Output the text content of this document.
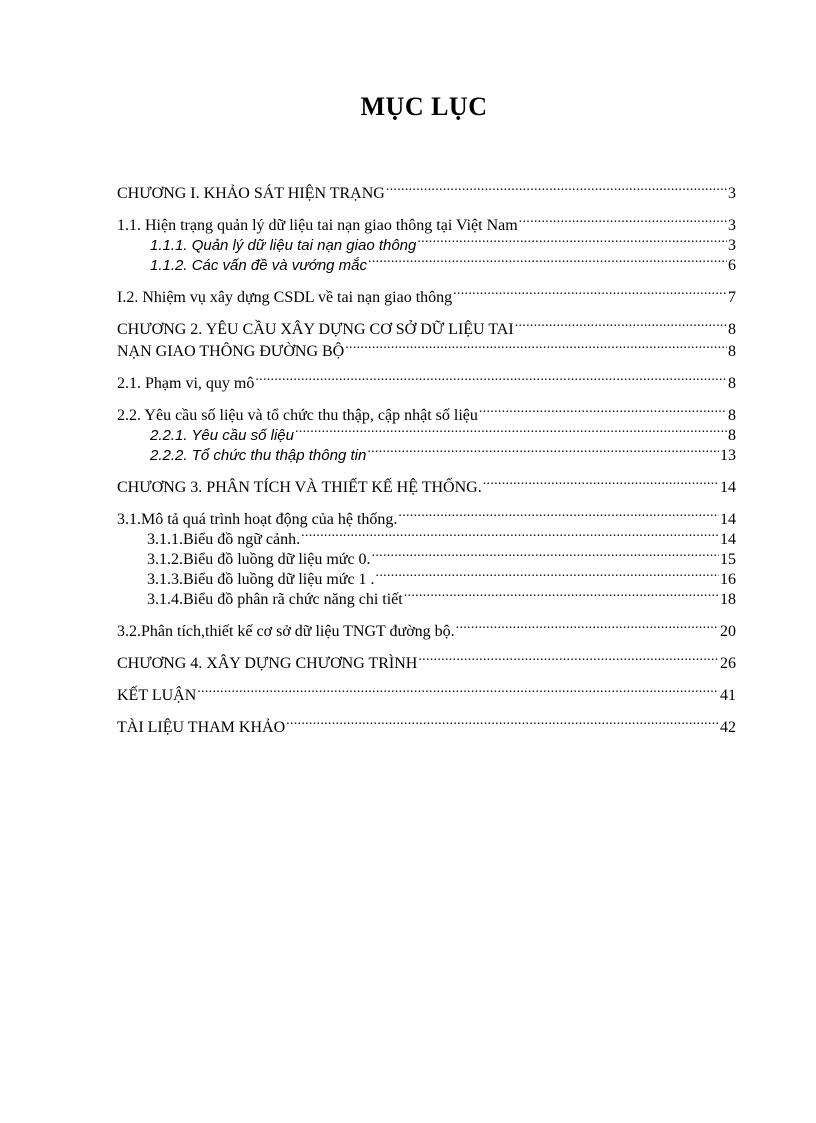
MỤC LỤC
CHƯƠNG I. KHẢO SÁT HIỆN TRẠNG .....	3
1.1. Hiện trạng quản lý dữ liệu tai nạn giao thông tại Việt Nam .....	3
1.1.1. Quản lý dữ liệu tai nạn giao thông .....	3
1.1.2. Các vấn đề và vướng mắc .....	6
I.2. Nhiệm vụ xây dựng CSDL về tai nạn giao thông .....	7
CHƯƠNG 2. YÊU CẦU XÂY DỰNG CƠ SỞ DỮ LIỆU TAI .....	8
NẠN GIAO THÔNG ĐƯỜNG BỘ .....	8
2.1. Phạm vi, quy mô .....	8
2.2. Yêu cầu số liệu và tổ chức thu thập, cập nhật số liệu .....	8
2.2.1. Yêu cầu số liệu .....	8
2.2.2. Tổ chức thu thập thông tin .....	13
CHƯƠNG 3. PHÂN TÍCH VÀ THIẾT KẾ HỆ THỐNG. .....	14
3.1.Mô tả quá trình hoạt động của hệ thống. .....	14
3.1.1.Biểu đồ ngữ cảnh. .....	14
3.1.2.Biểu đồ luồng dữ liệu mức 0. .....	15
3.1.3.Biểu đồ luồng dữ liệu mức 1 . .....	16
3.1.4.Biểu đồ phân rã chức năng chi tiết .....	18
3.2.Phân tích,thiết kế cơ sở dữ liệu TNGT đường bộ. .....	20
CHƯƠNG 4. XÂY DỰNG CHƯƠNG TRÌNH .....	26
KẾT LUẬN .....	41
TÀI LIỆU THAM KHẢO .....	42
